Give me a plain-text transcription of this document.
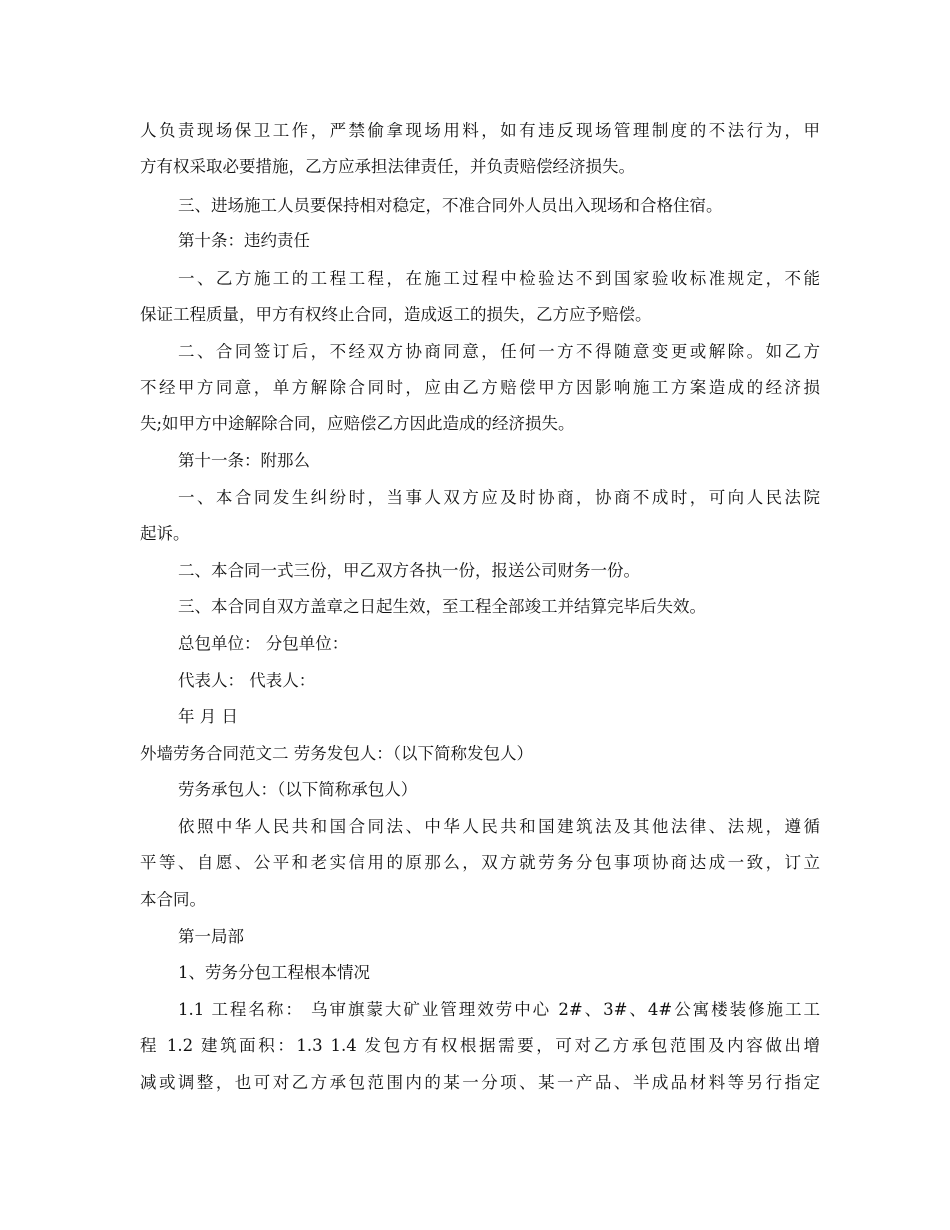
人负责现场保卫工作，严禁偷拿现场用料，如有违反现场管理制度的不法行为，甲
方有权采取必要措施，乙方应承担法律责任，并负责赔偿经济损失。
三、进场施工人员要保持相对稳定，不准合同外人员出入现场和合格住宿。
第十条：违约责任
一、乙方施工的工程工程，在施工过程中检验达不到国家验收标准规定，不能
保证工程质量，甲方有权终止合同，造成返工的损失，乙方应予赔偿。
二、合同签订后，不经双方协商同意，任何一方不得随意变更或解除。如乙方
不经甲方同意，单方解除合同时，应由乙方赔偿甲方因影响施工方案造成的经济损
失;如甲方中途解除合同，应赔偿乙方因此造成的经济损失。
第十一条：附那么
一、本合同发生纠纷时，当事人双方应及时协商，协商不成时，可向人民法院
起诉。
二、本合同一式三份，甲乙双方各执一份，报送公司财务一份。
三、本合同自双方盖章之日起生效，至工程全部竣工并结算完毕后失效。
总包单位： 分包单位：
代表人： 代表人：
年 月 日
外墙劳务合同范文二 劳务发包人：（以下简称发包人）
劳务承包人：（以下简称承包人）
依照中华人民共和国合同法、中华人民共和国建筑法及其他法律、法规，遵循
平等、自愿、公平和老实信用的原那么，双方就劳务分包事项协商达成一致，订立
本合同。
第一局部
1、劳务分包工程根本情况
1.1 工程名称： 乌审旗蒙大矿业管理效劳中心 2#、3#、4#公寓楼装修施工工
程 1.2 建筑面积：1.3 1.4 发包方有权根据需要，可对乙方承包范围及内容做出增
减或调整，也可对乙方承包范围内的某一分项、某一产品、半成品材料等另行指定
